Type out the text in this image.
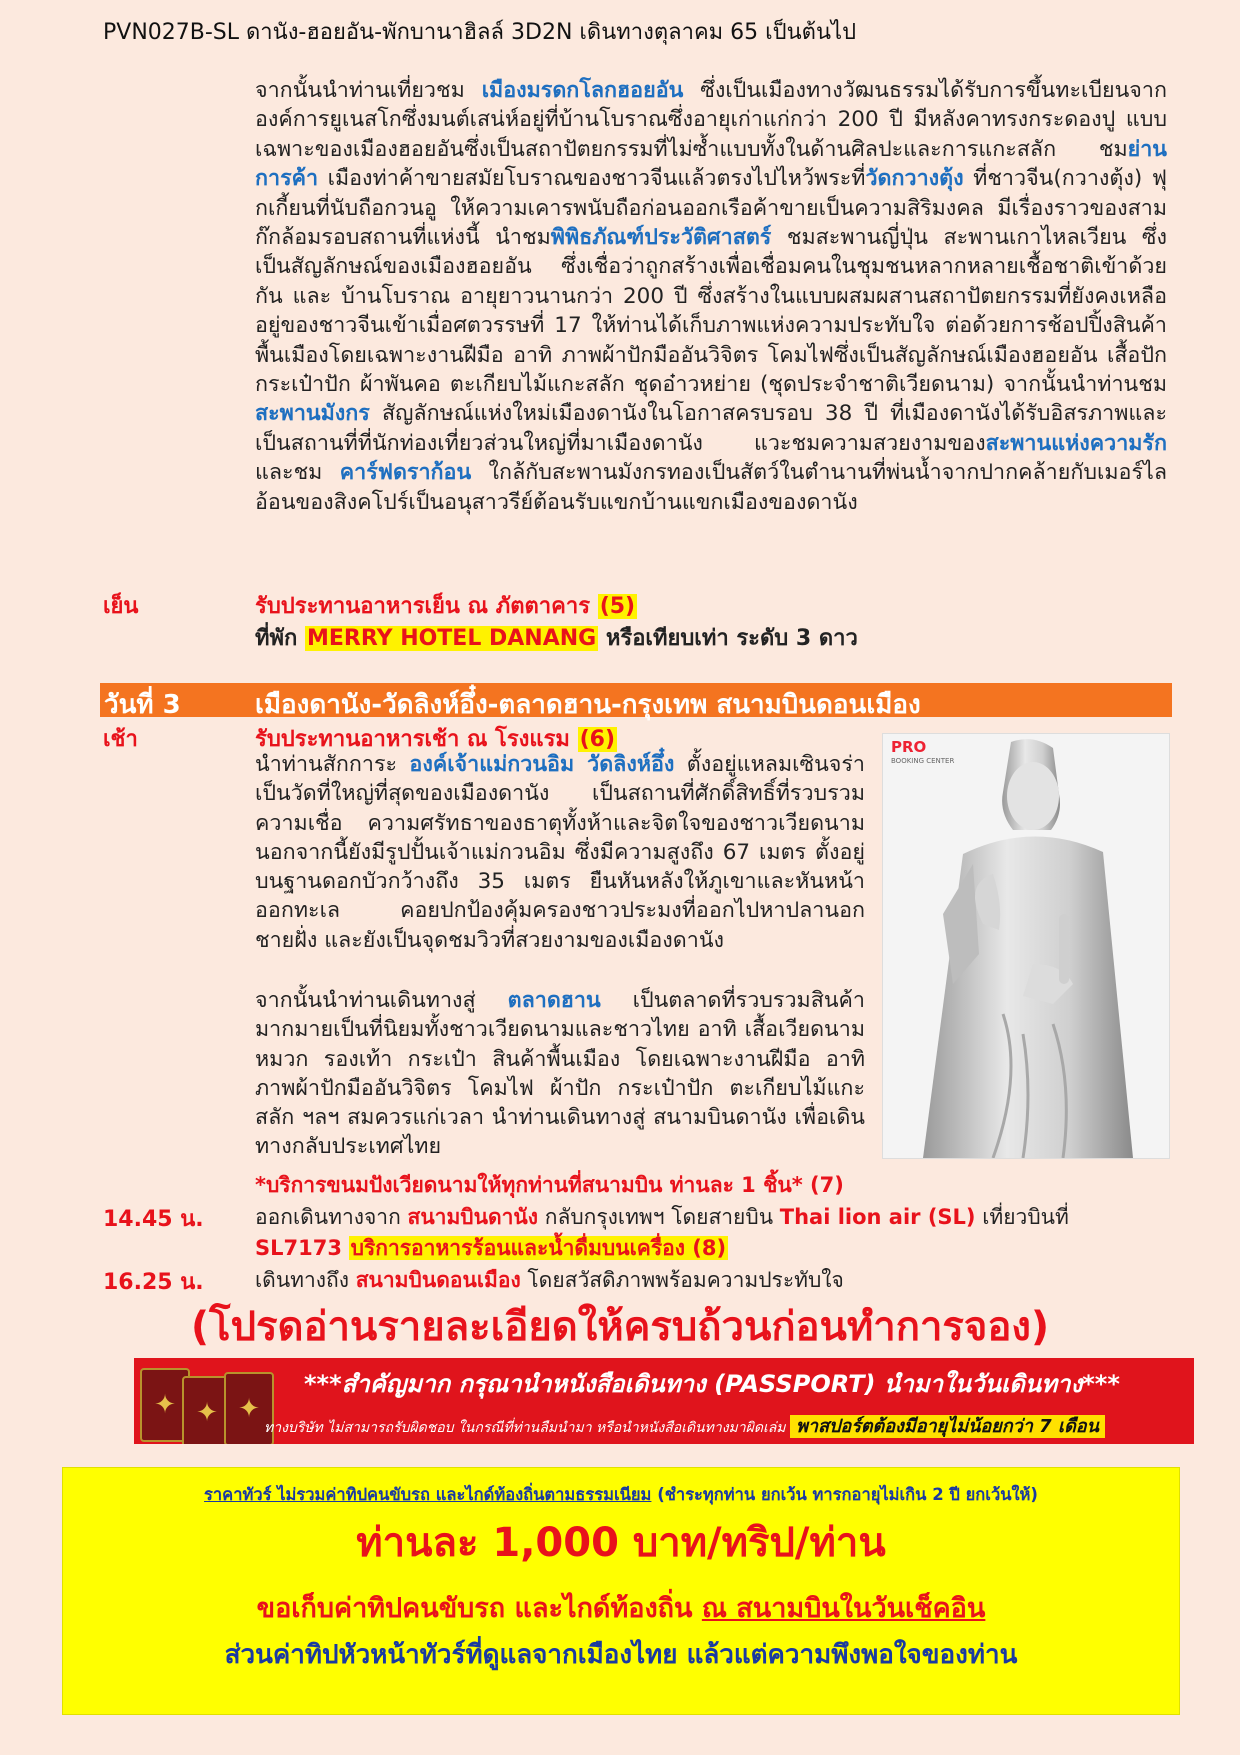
PVN027B-SL ดานัง-ฮอยอัน-พักบานาฮิลล์ 3D2N เดินทางตุลาคม 65 เป็นต้นไป
จากนั้นนำท่านเที่ยวชม เมืองมรดกโลกฮอยอัน ซึ่งเป็นเมืองทางวัฒนธรรมได้รับการขึ้นทะเบียนจากองค์การยูเนสโกซึ่งมนต์เสน่ห์อยู่ที่บ้านโบราณซึ่งอายุเก่าแก่กว่า 200 ปี มีหลังคาทรงกระดองปู แบบเฉพาะของเมืองฮอยอันซึ่งเป็นสถาปัตยกรรมที่ไม่ซ้ำแบบทั้งในด้านศิลปะและการแกะสลัก ชมย่านการค้า เมืองท่าค้าขายสมัยโบราณของชาวจีนแล้วตรงไปไหว้พระที่วัดกวางตุ้ง ที่ชาวจีน(กวางตุ้ง) ฟุกเกี้ยนที่นับถือกวนอู ให้ความเคารพนับถือก่อนออกเรือค้าขายเป็นความสิริมงคล มีเรื่องราวของสามก๊กล้อมรอบสถานที่แห่งนี้ นำชมพิพิธภัณฑ์ประวัติศาสตร์ ชมสะพานญี่ปุ่น สะพานเกาไหลเวียน ซึ่งเป็นสัญลักษณ์ของเมืองฮอยอัน ซึ่งเชื่อว่าถูกสร้างเพื่อเชื่อมคนในชุมชนหลากหลายเชื้อชาติเข้าด้วยกัน และ บ้านโบราณ อายุยาวนานกว่า 200 ปี ซึ่งสร้างในแบบผสมผสานสถาปัตยกรรมที่ยังคงเหลืออยู่ของชาวจีนเข้าเมื่อศตวรรษที่ 17 ให้ท่านได้เก็บภาพแห่งความประทับใจ ต่อด้วยการช้อปปิ้งสินค้าพื้นเมืองโดยเฉพาะงานฝีมือ อาทิ ภาพผ้าปักมืออันวิจิตร โคมไฟซึ่งเป็นสัญลักษณ์เมืองฮอยอัน เสื้อปัก กระเป๋าปัก ผ้าพันคอ ตะเกียบไม้แกะสลัก ชุดอ๋าวหย่าย (ชุดประจำชาติเวียดนาม) จากนั้นนำท่านชม สะพานมังกร สัญลักษณ์แห่งใหม่เมืองดานังในโอกาสครบรอบ 38 ปี ที่เมืองดานังได้รับอิสรภาพและเป็นสถานที่ที่นักท่องเที่ยวส่วนใหญ่ที่มาเมืองดานัง แวะชมความสวยงามของสะพานแห่งความรัก และชม คาร์ฟดราก้อน ใกล้กับสะพานมังกรทองเป็นสัตว์ในตำนานที่พ่นน้ำจากปากคล้ายกับเมอร์ไลอ้อนของสิงคโปร์เป็นอนุสาวรีย์ต้อนรับแขกบ้านแขกเมืองของดานัง
เย็น	รับประทานอาหารเย็น ณ ภัตตาคาร (5)
ที่พัก MERRY HOTEL DANANG หรือเทียบเท่า ระดับ 3 ดาว
วันที่ 3	เมืองดานัง-วัดลิงห์อึ๋ง-ตลาดฮาน-กรุงเทพ สนามบินดอนเมือง
เช้า	รับประทานอาหารเช้า ณ โรงแรม (6)
นำท่านสักการะ องค์เจ้าแม่กวนอิม วัดลิงห์อึ๋ง ตั้งอยู่แหลมเซินจร่า เป็นวัดที่ใหญ่ที่สุดของเมืองดานัง เป็นสถานที่ศักดิ์สิทธิ์ที่รวบรวมความเชื่อ ความศรัทธาของธาตุทั้งห้าและจิตใจของชาวเวียดนาม นอกจากนี้ยังมีรูปปั้นเจ้าแม่กวนอิม ซึ่งมีความสูงถึง 67 เมตร ตั้งอยู่บนฐานดอกบัวกว้างถึง 35 เมตร ยืนหันหลังให้ภูเขาและหันหน้าออกทะเล คอยปกป้องคุ้มครองชาวประมงที่ออกไปหาปลานอกชายฝั่ง และยังเป็นจุดชมวิวที่สวยงามของเมืองดานัง
จากนั้นนำท่านเดินทางสู่ ตลาดฮาน เป็นตลาดที่รวบรวมสินค้ามากมายเป็นที่นิยมทั้งชาวเวียดนามและชาวไทย อาทิ เสื้อเวียดนาม หมวก รองเท้า กระเป๋า สินค้าพื้นเมือง โดยเฉพาะงานฝีมือ อาทิ ภาพผ้าปักมืออันวิจิตร โคมไฟ ผ้าปัก กระเป๋าปัก ตะเกียบไม้แกะสลัก ฯลฯ สมควรแก่เวลา นำท่านเดินทางสู่ สนามบินดานัง เพื่อเดินทางกลับประเทศไทย
PRO
BOOKING CENTER
*บริการขนมปังเวียดนามให้ทุกท่านที่สนามบิน ท่านละ 1 ชิ้น* (7)
14.45 น. ออกเดินทางจาก สนามบินดานัง กลับกรุงเทพฯ โดยสายบิน Thai lion air (SL) เที่ยวบินที่
SL7173 บริการอาหารร้อนและน้ำดื่มบนเครื่อง (8)
16.25 น. เดินทางถึง สนามบินดอนเมือง โดยสวัสดิภาพพร้อมความประทับใจ
(โปรดอ่านรายละเอียดให้ครบถ้วนก่อนทำการจอง)
✦ ✦ ✦
***สำคัญมาก กรุณานำหนังสือเดินทาง (PASSPORT) นำมาในวันเดินทาง***
ทางบริษัท ไม่สามารถรับผิดชอบ ในกรณีที่ท่านลืมนำมา หรือนำหนังสือเดินทางมาผิดเล่ม พาสปอร์ตต้องมีอายุไม่น้อยกว่า 7 เดือน
ราคาทัวร์ ไม่รวมค่าทิปคนขับรถ และไกด์ท้องถิ่นตามธรรมเนียม (ชำระทุกท่าน ยกเว้น ทารกอายุไม่เกิน 2 ปี ยกเว้นให้)
ท่านละ 1,000 บาท/ทริป/ท่าน
ขอเก็บค่าทิปคนขับรถ และไกด์ท้องถิ่น ณ สนามบินในวันเช็คอิน
ส่วนค่าทิปหัวหน้าทัวร์ที่ดูแลจากเมืองไทย แล้วแต่ความพึงพอใจของท่าน
